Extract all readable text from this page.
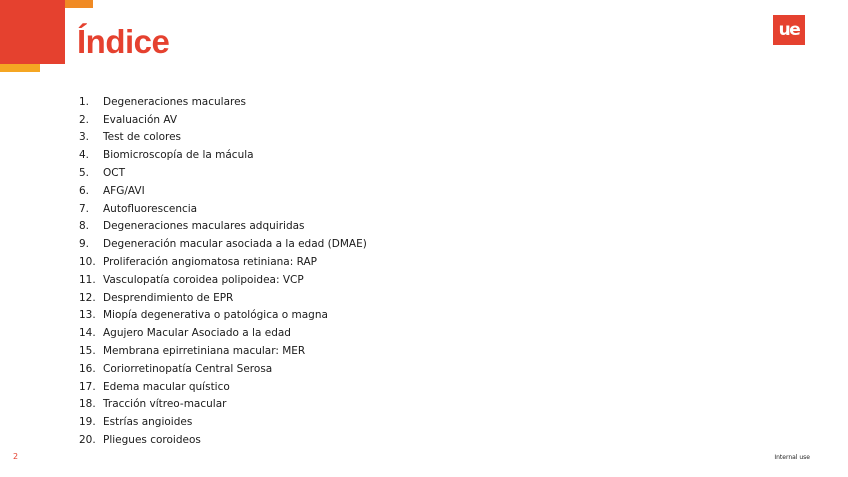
Índice	ue
1.	Degeneraciones maculares
2.	Evaluación AV
3.	Test de colores
4.	Biomicroscopía de la mácula
5.	OCT
6.	AFG/AVI
7.	Autofluorescencia
8.	Degeneraciones maculares adquiridas
9.	Degeneración macular asociada a la edad (DMAE)
10. Proliferación angiomatosa retiniana: RAP
11. Vasculopatía coroidea polipoidea: VCP
12. Desprendimiento de EPR
13. Miopía degenerativa o patológica o magna
14. Agujero Macular Asociado a la edad
15. Membrana epirretiniana macular: MER
16. Coriorretinopatía Central Serosa
17. Edema macular quístico
18. Tracción vítreo-macular
19. Estrías angioides
20. Pliegues coroideos
2	Internal use
